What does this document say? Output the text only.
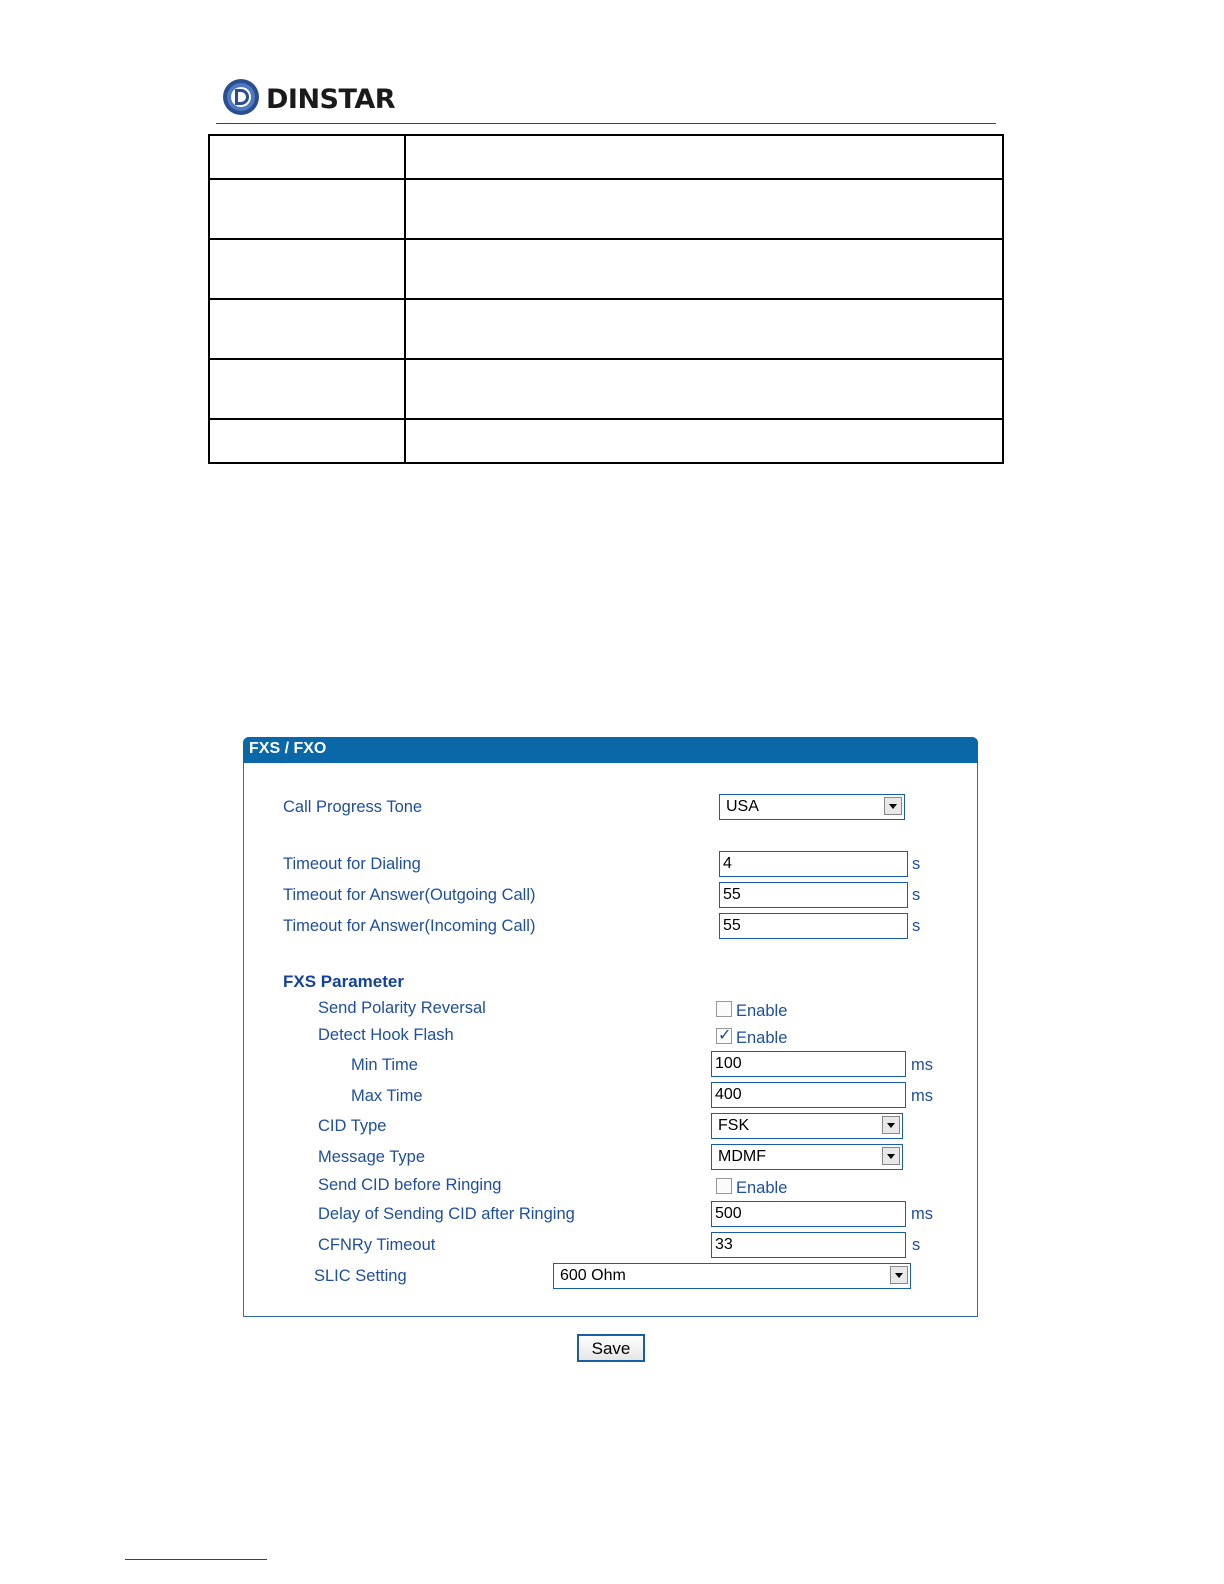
DINSTAR

FXS / FXO
Call Progress Tone	USA
Timeout for Dialing	4	s
Timeout for Answer(Outgoing Call)	55	s
Timeout for Answer(Incoming Call)	55	s
FXS Parameter
Send Polarity Reversal	Enable
Detect Hook Flash
✓	Enable
Min Time	100	ms
Max Time	400	ms
CID Type	FSK
Message Type	MDMF
Send CID before Ringing	Enable
Delay of Sending CID after Ringing	500	ms
CFNRy Timeout	33	s
SLIC Setting	600 Ohm
Save
